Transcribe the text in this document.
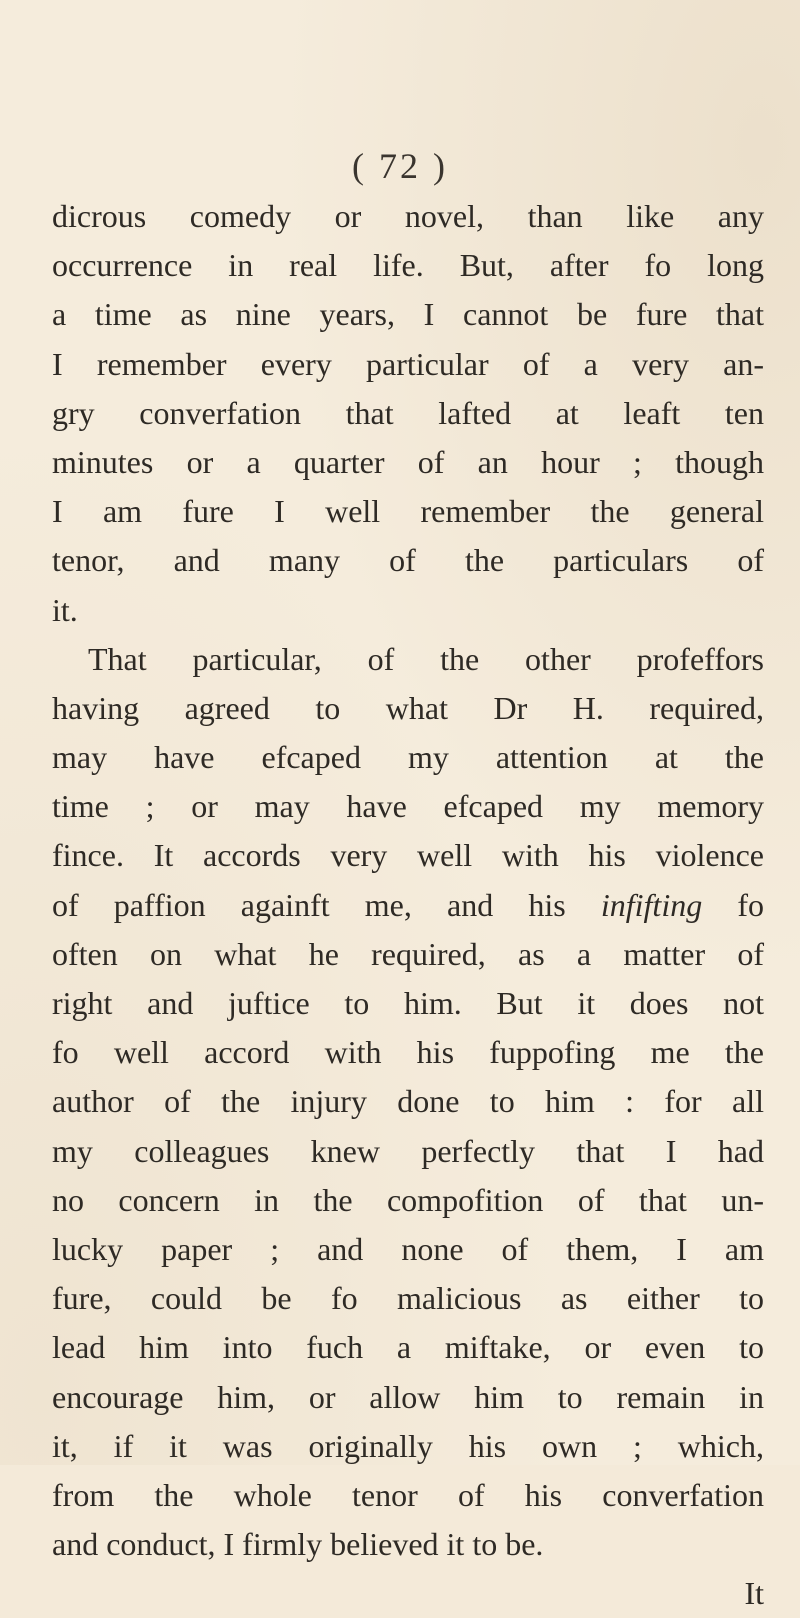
( 72 )
dicrous comedy or novel, than like any
occurrence in real life. But, after fo long
a time as nine years, I cannot be fure that
I remember every particular of a very an-
gry converfation that lafted at leaft ten
minutes or a quarter of an hour ; though
I am fure I well remember the general
tenor, and many of the particulars of
it.
That particular, of the other profeffors
having agreed to what Dr H. required,
may have efcaped my attention at the
time ; or may have efcaped my memory
fince. It accords very well with his violence
of paffion againft me, and his infifting fo
often on what he required, as a matter of
right and juftice to him. But it does not
fo well accord with his fuppofing me the
author of the injury done to him : for all
my colleagues knew perfectly that I had
no concern in the compofition of that un-
lucky paper ; and none of them, I am
fure, could be fo malicious as either to
lead him into fuch a miftake, or even to
encourage him, or allow him to remain in
it, if it was originally his own ; which,
from the whole tenor of his converfation
and conduct, I firmly believed it to be.
It
